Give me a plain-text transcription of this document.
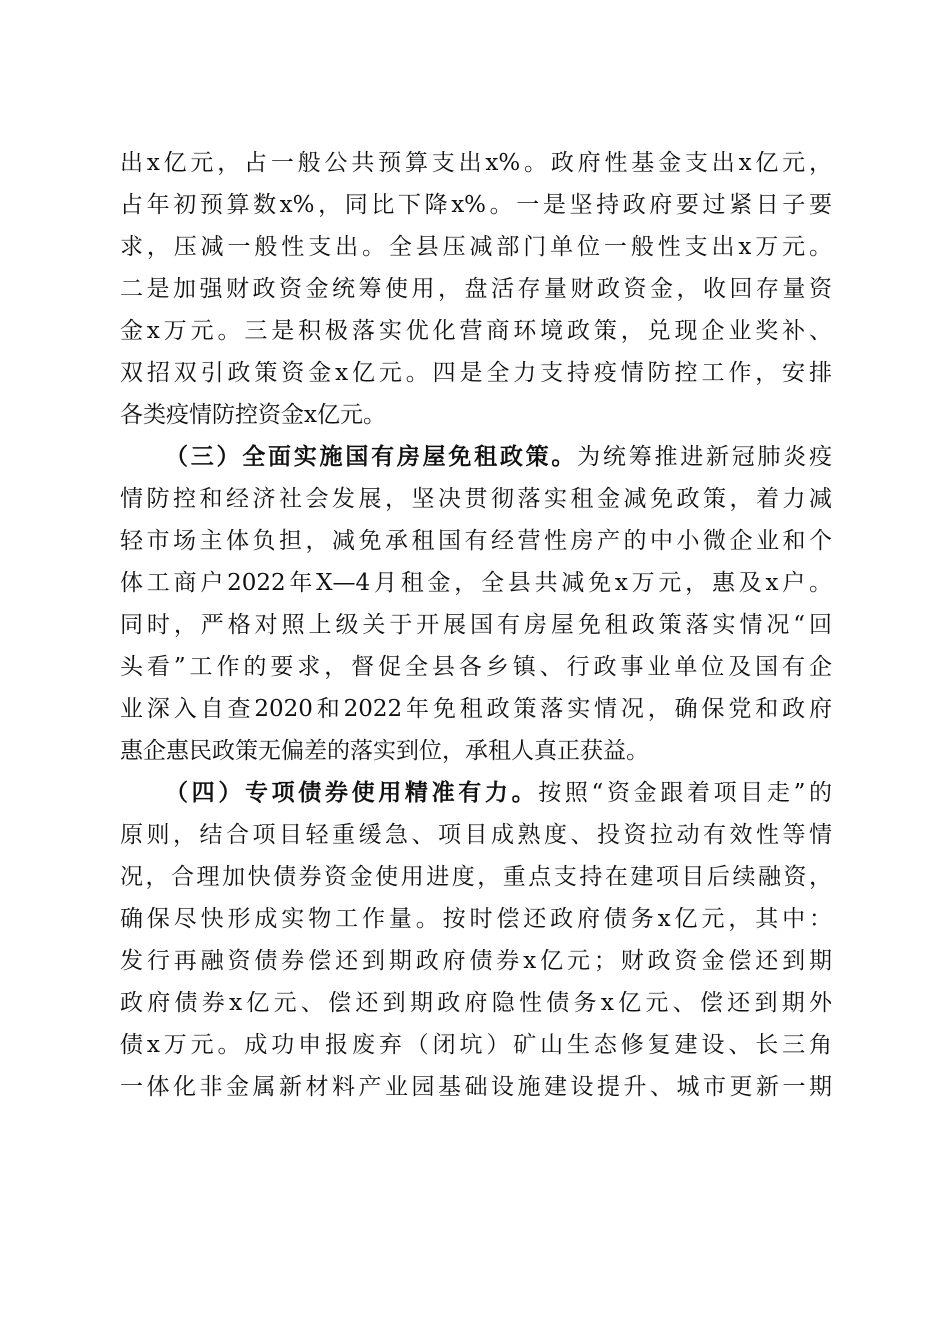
出x亿元，占一般公共预算支出x%。政府性基金支出x亿元，
占年初预算数x%，同比下降x%。一是坚持政府要过紧日子要
求，压减一般性支出。全县压减部门单位一般性支出x万元。
二是加强财政资金统筹使用，盘活存量财政资金，收回存量资
金x万元。三是积极落实优化营商环境政策，兑现企业奖补、
双招双引政策资金x亿元。四是全力支持疫情防控工作，安排
各类疫情防控资金x亿元。
（三）全面实施国有房屋免租政策。为统筹推进新冠肺炎疫
情防控和经济社会发展，坚决贯彻落实租金减免政策，着力减
轻市场主体负担，减免承租国有经营性房产的中小微企业和个
体工商户2022年X—4月租金，全县共减免x万元，惠及x户。
同时，严格对照上级关于开展国有房屋免租政策落实情况“回
头看”工作的要求，督促全县各乡镇、行政事业单位及国有企
业深入自查2020和2022年免租政策落实情况，确保党和政府
惠企惠民政策无偏差的落实到位，承租人真正获益。
（四）专项债券使用精准有力。按照“资金跟着项目走”的
原则，结合项目轻重缓急、项目成熟度、投资拉动有效性等情
况，合理加快债券资金使用进度，重点支持在建项目后续融资，
确保尽快形成实物工作量。按时偿还政府债务x亿元，其中：
发行再融资债券偿还到期政府债券x亿元；财政资金偿还到期
政府债券x亿元、偿还到期政府隐性债务x亿元、偿还到期外
债x万元。成功申报废弃（闭坑）矿山生态修复建设、长三角
一体化非金属新材料产业园基础设施建设提升、城市更新一期
